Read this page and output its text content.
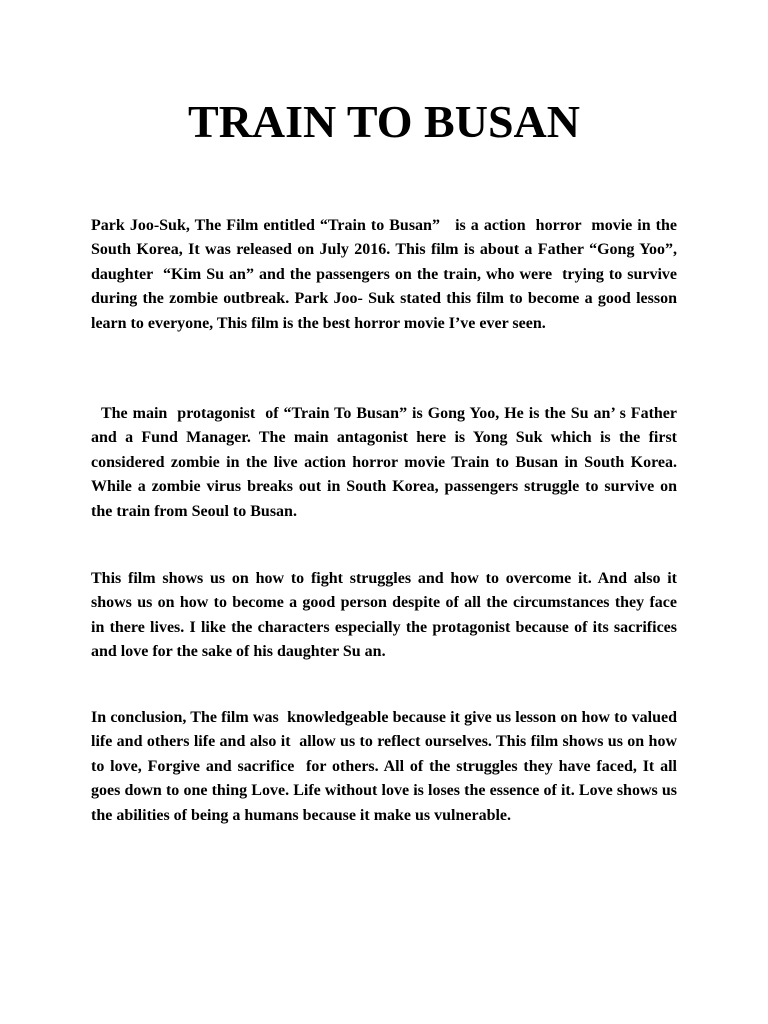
TRAIN TO BUSAN

Park Joo-Suk, The Film entitled “Train to Busan”   is a action  horror  movie in the South Korea, It was released on July 2016. This film is about a Father “Gong Yoo”, daughter  “Kim Su an” and the passengers on the train, who were  trying to survive during the zombie outbreak. Park Joo- Suk stated this film to become a good lesson learn to everyone, This film is the best horror movie I’ve ever seen.

The main  protagonist  of “Train To Busan” is Gong Yoo, He is the Su an’ s Father  and a Fund Manager. The main antagonist here is Yong Suk which is the first considered zombie in the live action horror movie Train to Busan in South Korea. While a zombie virus breaks out in South Korea, passengers struggle to survive on the train from Seoul to Busan.

This film shows us on how to fight struggles and how to overcome it. And also it shows us on how to become a good person despite of all the circumstances they face  in there lives. I like the characters especially the protagonist because of its sacrifices and love for the sake of his daughter Su an.

In conclusion, The film was  knowledgeable because it give us lesson on how to valued life and others life and also it  allow us to reflect ourselves. This film shows us on how to love, Forgive and sacrifice  for others. All of the struggles they have faced, It all goes down to one thing Love. Life without love is loses the essence of it. Love shows us the abilities of being a humans because it make us vulnerable.
